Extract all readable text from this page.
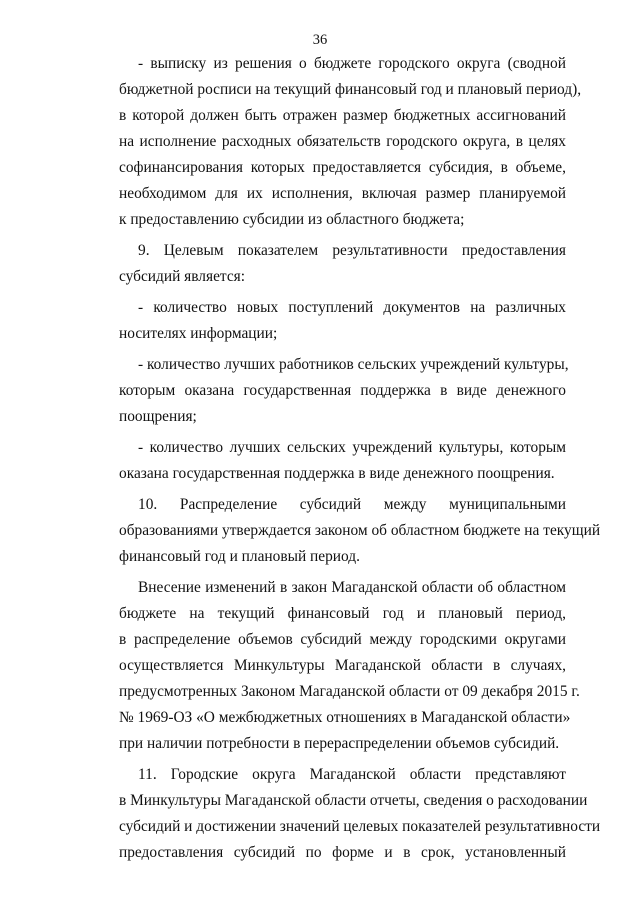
36

- выписку из решения о бюджете городского округа (сводной
бюджетной росписи на текущий финансовый год и плановый период),
в которой должен быть отражен размер бюджетных ассигнований
на исполнение расходных обязательств городского округа, в целях
софинансирования которых предоставляется субсидия, в объеме,
необходимом для их исполнения, включая размер планируемой
к предоставлению субсидии из областного бюджета;

9. Целевым показателем результативности предоставления
субсидий является:

- количество новых поступлений документов на различных
носителях информации;

- количество лучших работников сельских учреждений культуры,
которым оказана государственная поддержка в виде денежного
поощрения;

- количество лучших сельских учреждений культуры, которым
оказана государственная поддержка в виде денежного поощрения.

10. Распределение субсидий между муниципальными
образованиями утверждается законом об областном бюджете на текущий
финансовый год и плановый период.

Внесение изменений в закон Магаданской области об областном
бюджете на текущий финансовый год и плановый период,
в распределение объемов субсидий между городскими округами
осуществляется Минкультуры Магаданской области в случаях,
предусмотренных Законом Магаданской области от 09 декабря 2015 г.
№ 1969-ОЗ «О межбюджетных отношениях в Магаданской области»
при наличии потребности в перераспределении объемов субсидий.

11. Городские округа Магаданской области представляют
в Минкультуры Магаданской области отчеты, сведения о расходовании
субсидий и достижении значений целевых показателей результативности
предоставления субсидий по форме и в срок, установленный
